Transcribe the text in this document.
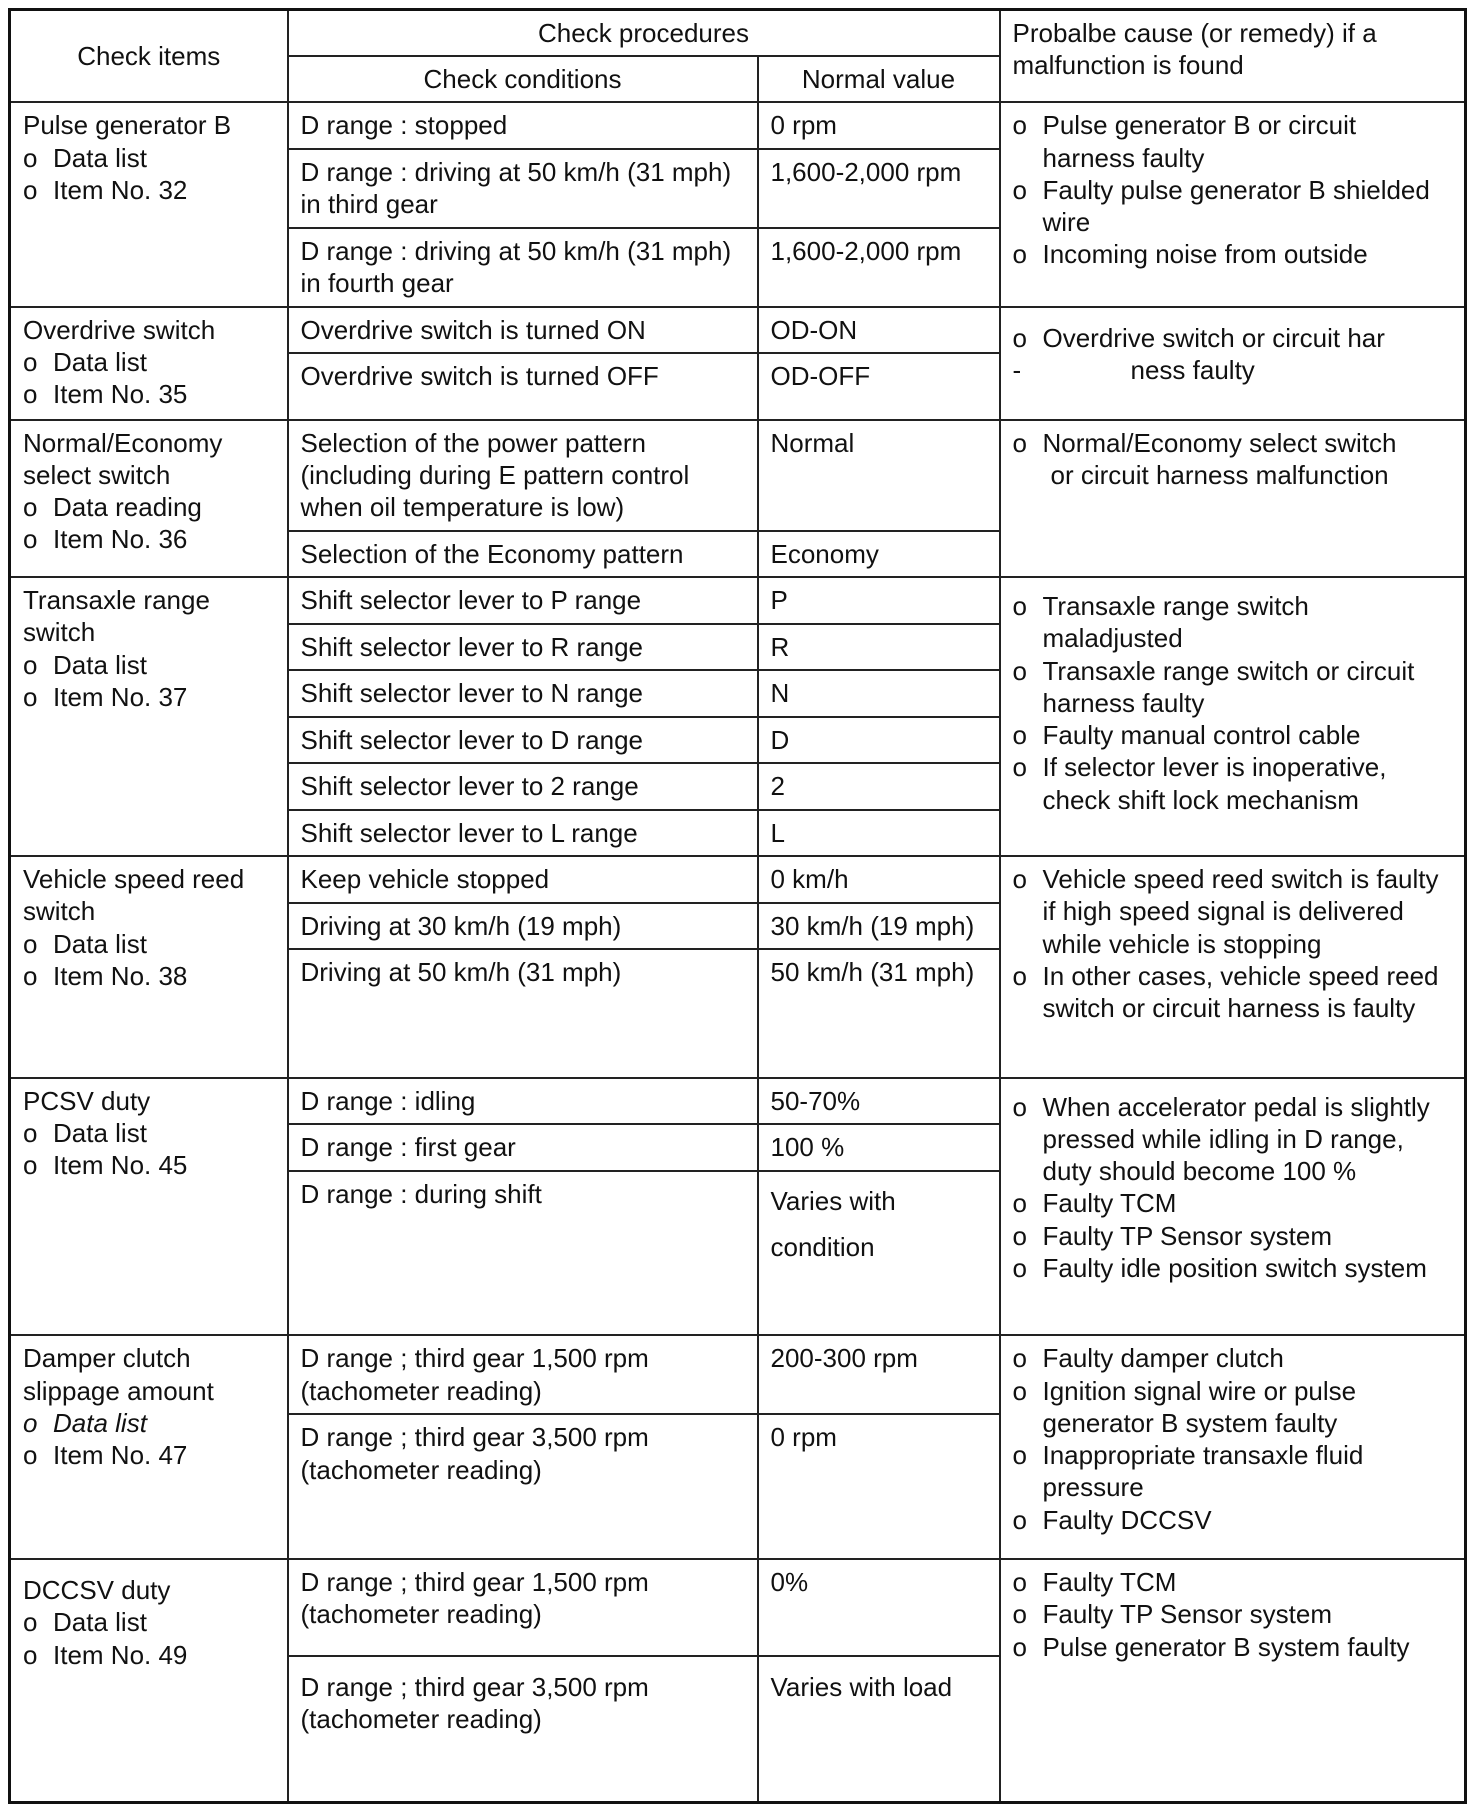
Check items	Check procedures		Probalbe cause (or remedy) if a malfunction is found
	Check conditions	Normal value	

Pulse generator B
o Data list
o Item No. 32	D range : stopped	0 rpm	o Pulse generator B or circuit harness faulty
o Faulty pulse generator B shielded wire
o Incoming noise from outside

	D range : driving at 50 km/h (31 mph) in third gear	1,600-2,000 rpm	
	D range : driving at 50 km/h (31 mph) in fourth gear	1,600-2,000 rpm	

Overdrive switch
o Data list
o Item No. 35	Overdrive switch is turned ON	OD-ON	o Overdrive switch or circuit har
- ness faulty

	Overdrive switch is turned OFF	OD-OFF	

Normal/Economy select switch
o Data reading
o Item No. 36	Selection of the power pattern (including during E pattern control when oil temperature is low)	Normal	o Normal/Economy select switch
or circuit harness malfunction

	Selection of the Economy pattern	Economy	

Transaxle range switch
o Data list
o Item No. 37	Shift selector lever to P range	P	o Transaxle range switch maladjusted
o Transaxle range switch or circuit harness faulty
o Faulty manual control cable
o If selector lever is inoperative, check shift lock mechanism

	Shift selector lever to R range	R	
	Shift selector lever to N range	N	
	Shift selector lever to D range	D	
	Shift selector lever to 2 range	2	
	Shift selector lever to L range	L	

Vehicle speed reed switch
o Data list
o Item No. 38	Keep vehicle stopped	0 km/h	o Vehicle speed reed switch is faulty if high speed signal is delivered while vehicle is stopping
o In other cases, vehicle speed reed switch or circuit harness is faulty

	Driving at 30 km/h (19 mph)	30 km/h (19 mph)	
	Driving at 50 km/h (31 mph)	50 km/h (31 mph)	

PCSV duty
o Data list
o Item No. 45	D range : idling	50-70%	o When accelerator pedal is slightly pressed while idling in D range, duty should become 100 %
o Faulty TCM
o Faulty TP Sensor system
o Faulty idle position switch system

	D range : first gear	100 %	
	D range : during shift	Varies with condition	

Damper clutch slippage amount
o Data list
o Item No. 47	D range ; third gear 1,500 rpm (tachometer reading)	200-300 rpm	o Faulty damper clutch
o Ignition signal wire or pulse generator B system faulty
o Inappropriate transaxle fluid pressure
o Faulty DCCSV

	D range ; third gear 3,500 rpm (tachometer reading)	0 rpm	

DCCSV duty
o Data list
o Item No. 49	D range ; third gear 1,500 rpm (tachometer reading)	0%	o Faulty TCM
o Faulty TP Sensor system
o Pulse generator B system faulty

	D range ; third gear 3,500 rpm (tachometer reading)	Varies with load	
